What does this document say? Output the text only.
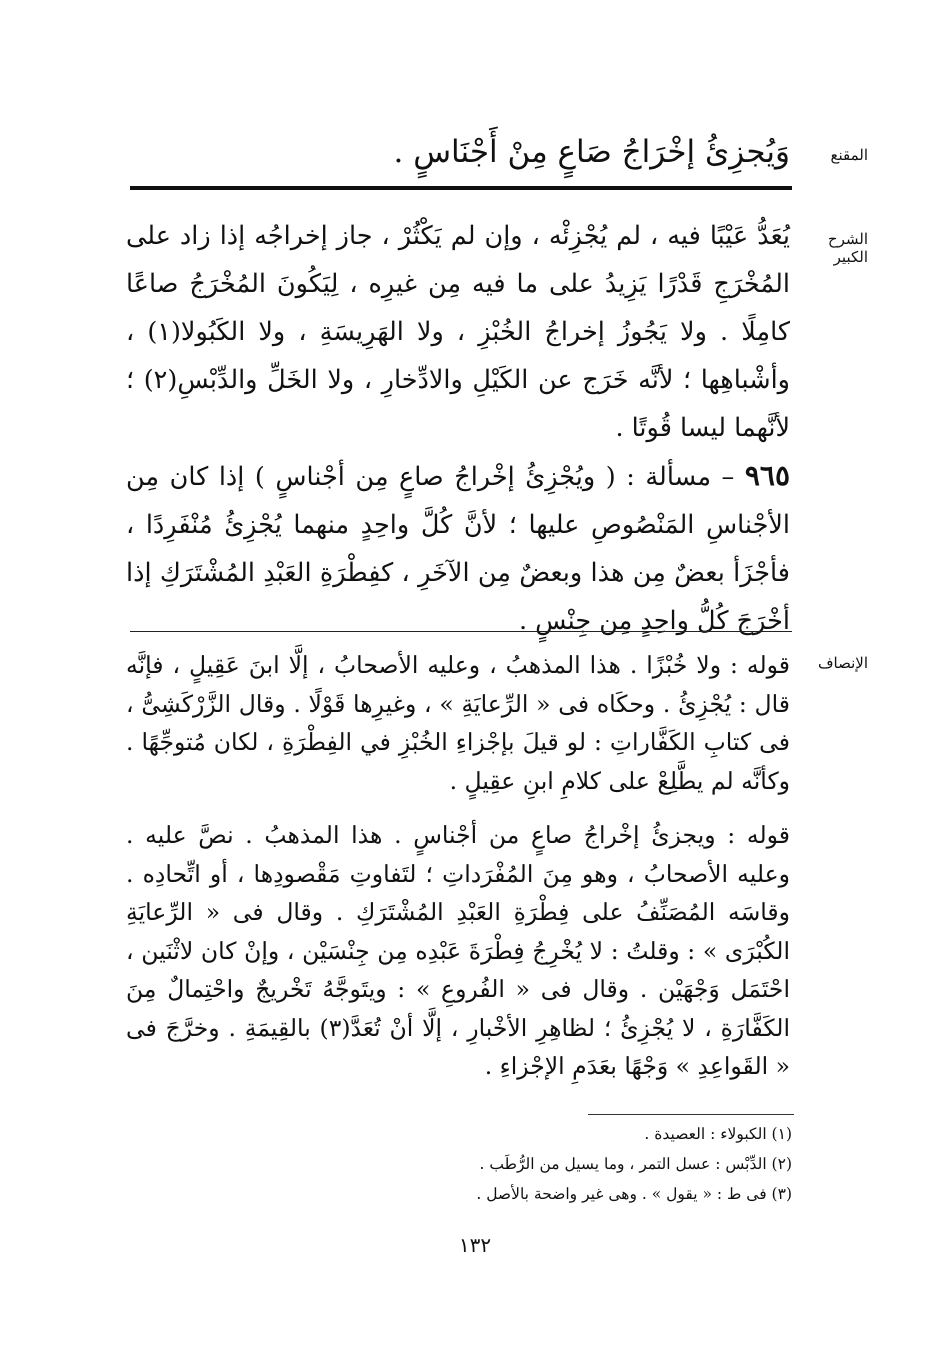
المقنع
وَيُجزِئُ إخْرَاجُ صَاعٍ مِنْ أَجْنَاسٍ .
الشرح الكبير

يُعَدُّ عَيْبًا فيه ، لم يُجْزِئْه ، وإن لم يَكْثُرْ ، جاز إخراجُه إذا زاد على المُخْرَجِ قَدْرًا يَزِيدُ على ما فيه مِن غيرِه ، لِيَكُونَ المُخْرَجُ صاعًا كامِلًا . ولا يَجُوزُ إخراجُ الخُبْزِ ، ولا الهَرِيسَةِ ، ولا الكَبُولا(١) ، وأشْباهِها ؛ لأنَّه خَرَج عن الكَيْلِ والادِّخارِ ، ولا الخَلِّ والدِّبْسِ(٢) ؛ لأنَّهما ليسا قُوتًا .

٩٦٥ – مسألة : ( ويُجْزِئُ إخْراجُ صاعٍ مِن أجْناسٍ ) إذا كان مِن الأجْناسِ المَنْصُوصِ عليها ؛ لأنَّ كُلَّ واحِدٍ منهما يُجْزِئُ مُنْفَرِدًا ، فأجْزَأ بعضٌ مِن هذا وبعضٌ مِن الآخَرِ ، كفِطْرَةِ العَبْدِ المُشْتَرَكِ إذا أخْرَجَ كُلُّ واحِدٍ مِن جِنْسٍ .

الإنصاف

قوله : ولا خُبْزًا . هذا المذهبُ ، وعليه الأصحابُ ، إلَّا ابنَ عَقِيلٍ ، فإنَّه قال : يُجْزِئُ . وحكَاه فى « الرِّعايَةِ » ، وغيرِها قَوْلًا . وقال الزَّرْكَشِىُّ ، فى كتابِ الكَفَّاراتِ : لو قيلَ بإجْزاءِ الخُبْزِ في الفِطْرَةِ ، لكان مُتوجِّهًا . وكأنَّه لم يطَّلِعْ على كلامِ ابنِ عقِيلٍ .

قوله : ويجزئُ إخْراجُ صاعٍ من أجْناسٍ . هذا المذهبُ . نصَّ عليه . وعليه الأصحابُ ، وهو مِنَ المُفْرَداتِ ؛ لتَفاوتِ مَقْصودِها ، أو اتِّحادِه . وقاسَه المُصَنِّفُ على فِطْرَةِ العَبْدِ المُشْتَرَكِ . وقال فى « الرِّعايَةِ الكُبْرَى » : وقلتُ : لا يُخْرِجُ فِطْرَةَ عَبْدِه مِن جِنْسَيْن ، وإنْ كان لاثْنَين ، احْتَمَل وَجْهَيْن . وقال فى « الفُروعِ » : ويتَوجَّهُ تَخْريجٌ واحْتِمالٌ مِنَ الكَفَّارَةِ ، لا يُجْزِئُ ؛ لظاهِرِ الأخْبارِ ، إلَّا أنْ تُعَدَّ(٣) بالقِيمَةِ . وخرَّجَ فى « القَواعِدِ » وَجْهًا بعَدَمِ الإجْزاءِ .

(١) الكبولاء : العصيدة .
(٢) الدِّبْس : عسل التمر ، وما يسيل من الرُّطَب .
(٣) فى ط : « يقول » . وهى غير واضحة بالأصل .
١٣٢
